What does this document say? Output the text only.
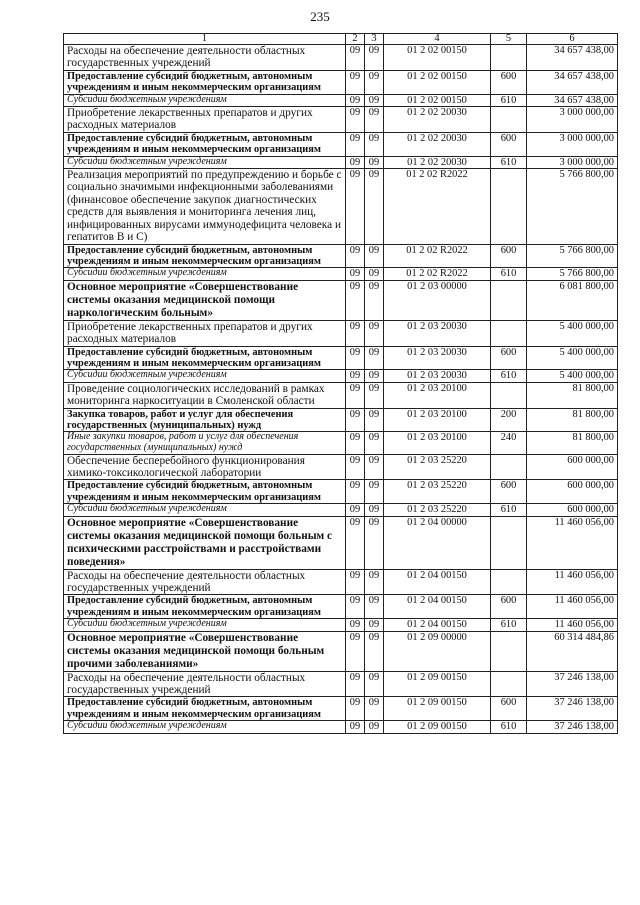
235
1	2	3	4	5	6
Расходы на обеспечение деятельности областных государственных учреждений	09	09	01 2 02 00150		34 657 438,00
Предоставление субсидий бюджетным, автономным учреждениям и иным некоммерческим организациям	09	09	01 2 02 00150	600	34 657 438,00
Субсидии бюджетным учреждениям	09	09	01 2 02 00150	610	34 657 438,00
Приобретение лекарственных препаратов и других расходных материалов	09	09	01 2 02 20030		3 000 000,00
Предоставление субсидий бюджетным, автономным учреждениям и иным некоммерческим организациям	09	09	01 2 02 20030	600	3 000 000,00
Субсидии бюджетным учреждениям	09	09	01 2 02 20030	610	3 000 000,00
Реализация мероприятий по предупреждению и борьбе с социально значимыми инфекционными заболеваниями (финансовое обеспечение закупок диагностических средств для выявления и мониторинга лечения лиц, инфицированных вирусами иммунодефицита человека и гепатитов В и С)	09	09	01 2 02 R2022		5 766 800,00
Предоставление субсидий бюджетным, автономным учреждениям и иным некоммерческим организациям	09	09	01 2 02 R2022	600	5 766 800,00
Субсидии бюджетным учреждениям	09	09	01 2 02 R2022	610	5 766 800,00
Основное мероприятие «Совершенствование системы оказания медицинской помощи наркологическим больным»	09	09	01 2 03 00000		6 081 800,00
Приобретение лекарственных препаратов и других расходных материалов	09	09	01 2 03 20030		5 400 000,00
Предоставление субсидий бюджетным, автономным учреждениям и иным некоммерческим организациям	09	09	01 2 03 20030	600	5 400 000,00
Субсидии бюджетным учреждениям	09	09	01 2 03 20030	610	5 400 000,00
Проведение социологических исследований в рамках мониторинга наркоситуации в Смоленской области	09	09	01 2 03 20100		81 800,00
Закупка товаров, работ и услуг для обеспечения государственных (муниципальных) нужд	09	09	01 2 03 20100	200	81 800,00
Иные закупки товаров, работ и услуг для обеспечения государственных (муниципальных) нужд	09	09	01 2 03 20100	240	81 800,00
Обеспечение бесперебойного функционирования химико-токсикологической лаборатории	09	09	01 2 03 25220		600 000,00
Предоставление субсидий бюджетным, автономным учреждениям и иным некоммерческим организациям	09	09	01 2 03 25220	600	600 000,00
Субсидии бюджетным учреждениям	09	09	01 2 03 25220	610	600 000,00
Основное мероприятие «Совершенствование системы оказания медицинской помощи больным с психическими расстройствами и расстройствами поведения»	09	09	01 2 04 00000		11 460 056,00
Расходы на обеспечение деятельности областных государственных учреждений	09	09	01 2 04 00150		11 460 056,00
Предоставление субсидий бюджетным, автономным учреждениям и иным некоммерческим организациям	09	09	01 2 04 00150	600	11 460 056,00
Субсидии бюджетным учреждениям	09	09	01 2 04 00150	610	11 460 056,00
Основное мероприятие «Совершенствование системы оказания медицинской помощи больным прочими заболеваниями»	09	09	01 2 09 00000		60 314 484,86
Расходы на обеспечение деятельности областных государственных учреждений	09	09	01 2 09 00150		37 246 138,00
Предоставление субсидий бюджетным, автономным учреждениям и иным некоммерческим организациям	09	09	01 2 09 00150	600	37 246 138,00
Субсидии бюджетным учреждениям	09	09	01 2 09 00150	610	37 246 138,00
